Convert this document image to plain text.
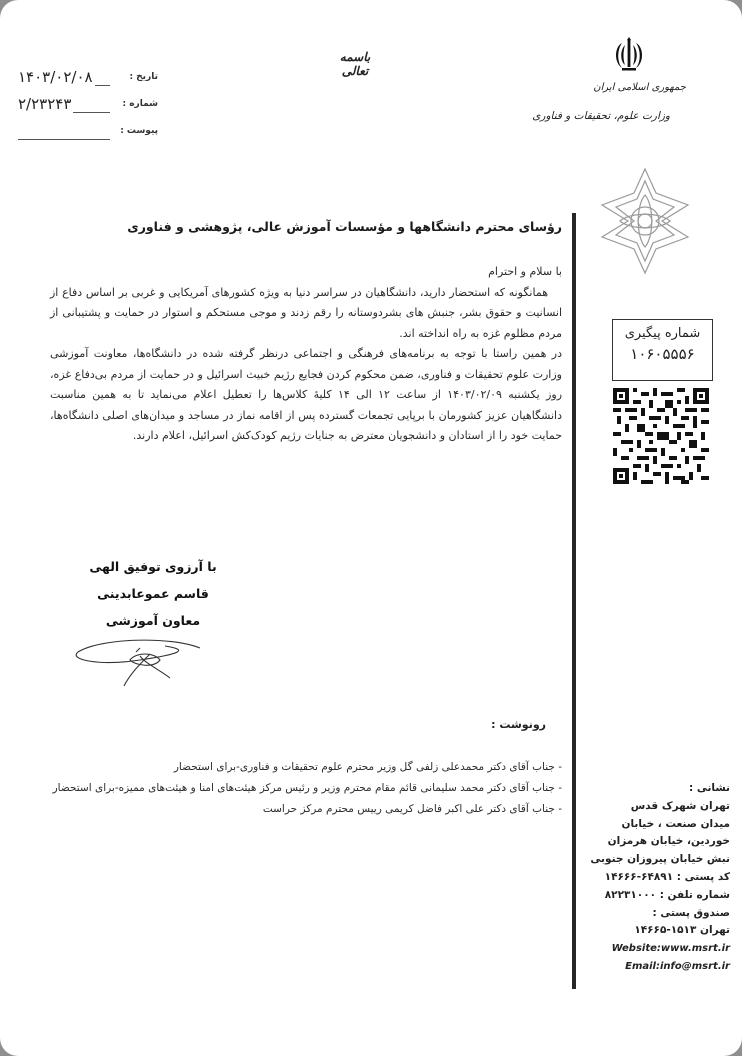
۱۴۰۳/۰۲/۰۸	تاریخ :
۲/۲۳۲۴۳	شماره :
پیوست :
باسمه تعالی
جمهوری اسلامی ایران
وزارت علوم، تحقیقات و فناوری
رؤسای محترم دانشگاهها و مؤسسات آموزش عالی، پژوهشی و فناوری

با سلام و احترام

همانگونه که استحضار دارید، دانشگاهیان در سراسر دنیا به ویژه کشورهای آمریکایی و غربی بر اساس دفاع از انسانیت و حقوق بشر، جنبش های بشردوستانه را رقم زدند و موجی مستحکم و استوار در حمایت و پشتیبانی از مردم مظلوم غزه به راه انداخته اند.

در همین راستا با توجه به برنامه‌های فرهنگی و اجتماعی درنظر گرفته شده در دانشگاه‌ها، معاونت آموزشی وزارت علوم تحقیقات و فناوری، ضمن محکوم کردن فجایع رژیم خبیث اسرائیل و در حمایت از مردم بی‌دفاع غزه، روز یکشنبه ۱۴۰۳/۰۲/۰۹ از ساعت ۱۲ الی ۱۴ کلیهٔ کلاس‌ها را تعطیل اعلام می‌نماید تا به همین مناسبت دانشگاهیان عزیز کشورمان با برپایی تجمعات گسترده پس از اقامه نماز در مساجد و میدان‌های اصلی دانشگاه‌ها، حمایت خود را از استادان و دانشجویان معترض به جنایات رژیم کودک‌کش اسرائیل، اعلام دارند.

با آرزوی توفیق الهی
قاسم عموعابدینی
معاون آموزشی
رونوشت :
- جناب آقای دکتر محمدعلی زلفی گل وزیر محترم علوم تحقیقات و فناوری-برای استحضار
- جناب آقای دکتر محمد سلیمانی قائم مقام محترم وزیر و رئیس مرکز هیئت‌های امنا و هیئت‌های ممیزه-برای استحضار
- جناب آقای دکتر علی اکبر فاضل کریمی رییس محترم مرکز حراست
شماره پیگیری
۱۰۶۰۵۵۵۶
نشانی :
تهران شهرک قدس
میدان صنعت ، خیابان
خوردین، خیابان هرمزان
نبش خیابان پیروزان جنوبی
کد پستی : ۶۴۸۹۱-۱۴۶۶۶
شماره تلفن : ۸۲۲۳۱۰۰۰
صندوق پستی :
تهران ۱۵۱۳-۱۴۶۶۵
Website:www.msrt.ir
Email:info@msrt.ir
